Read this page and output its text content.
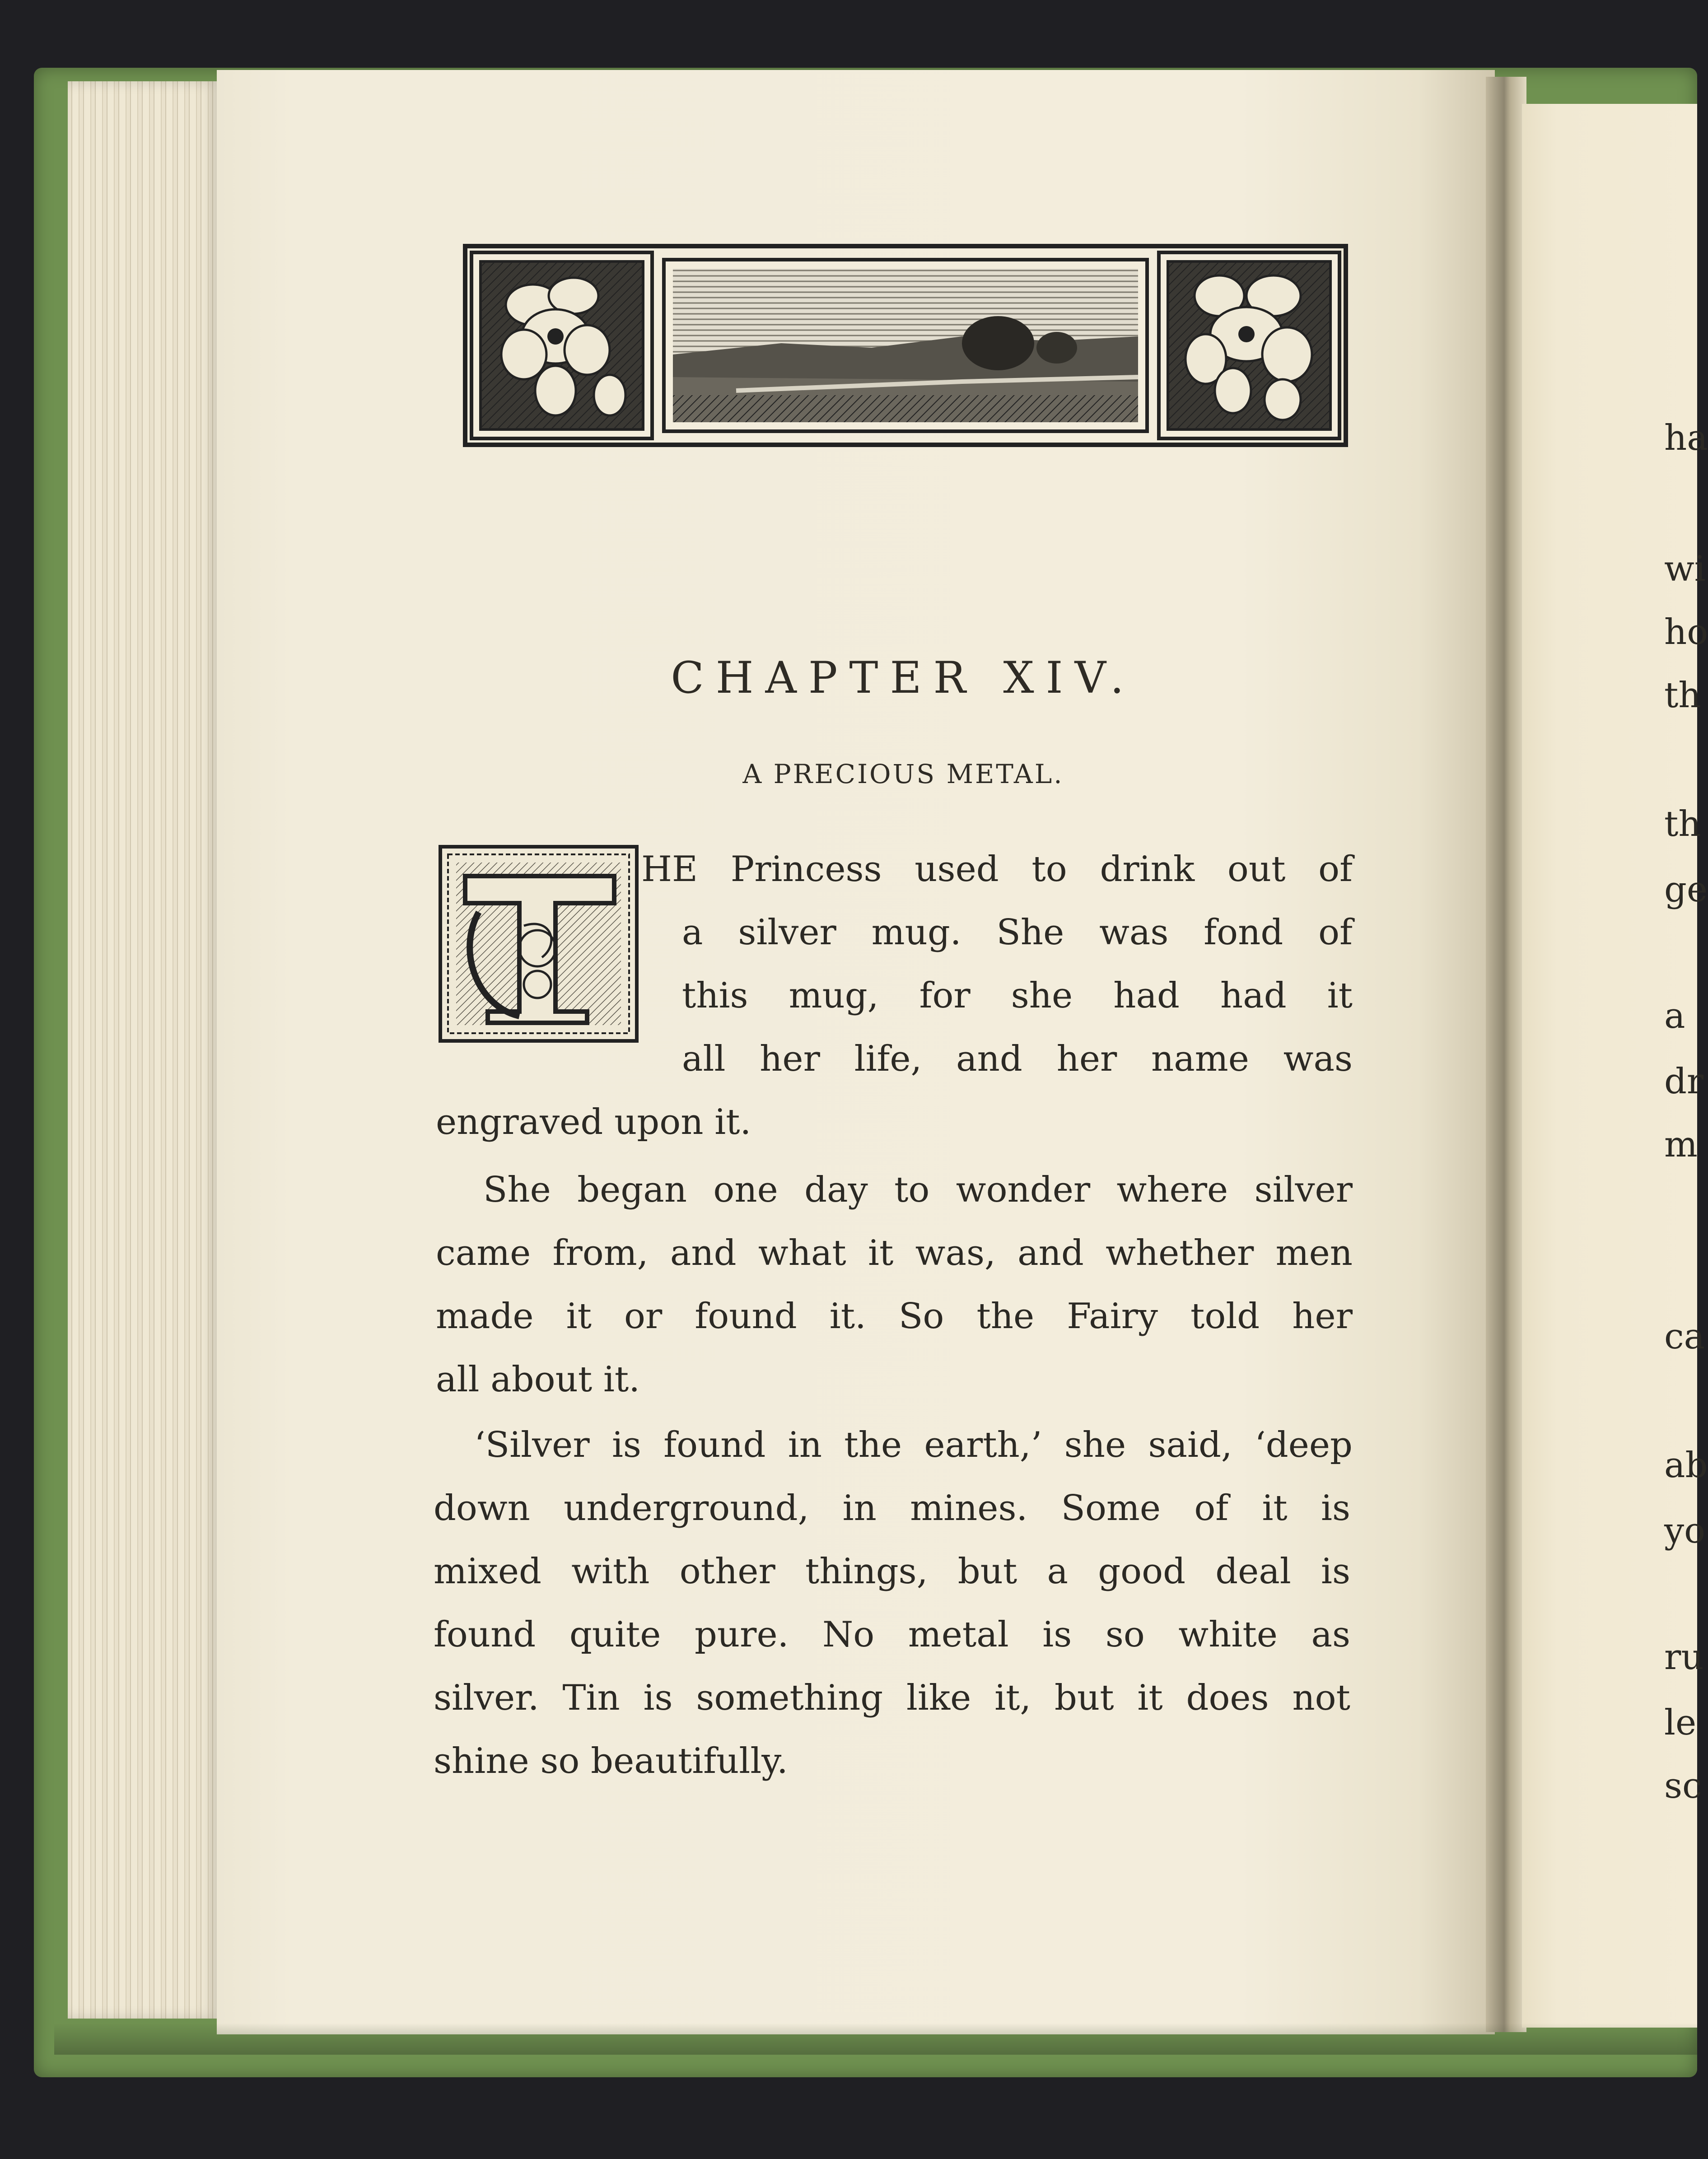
CHAPTER XIV.
A PRECIOUS METAL.
HE Princess used to drink out of
a silver mug. She was fond of
this mug, for she had had it
all her life, and her name was
engraved upon it.
She began one day to wonder where silver
came from, and what it was, and whether men
made it or found it. So the Fairy told her
all about it.
‘Silver is found in the earth,’ she said, ‘deep
down underground, in mines. Some of it is
mixed with other things, but a good deal is
found quite pure. No metal is so white as
silver. Tin is something like it, but it does not
shine so beautifully.
ha
wi
ho
th
th
ge
a
dr
m
ca
ab
yo
ru
le
sc
